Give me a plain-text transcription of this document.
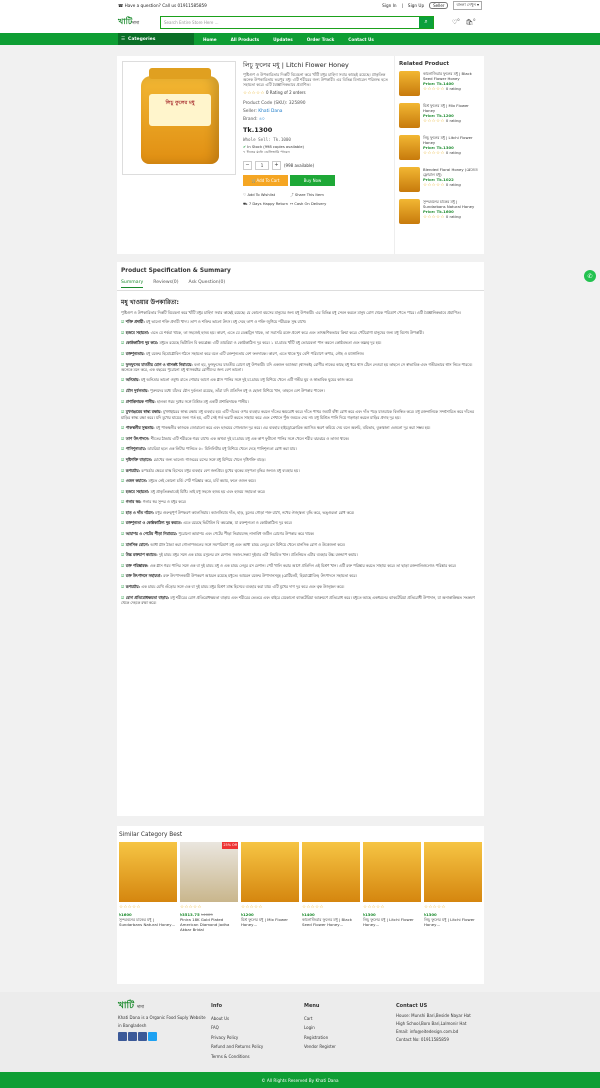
☎ Have a question? Call us 01911585859	Sign In | Sign Up	Seller	বাংলা দেখুন ▾
খাটিদানা	Search Entire Store Here ...	⌕	♡$^0$ 🛍$^0$
☰ Categories	Home	All Products	Updates	Order Track	Contact Us
লিচু ফুলের মধু
লিচু ফুলের মধু | Litchi Flower Honey
পুষ্টিগুণ ও উপকারিতার দিকটি বিবেচনা করে খাঁটি মধুর চাহিদা সবার কাছেই রয়েছে। প্রাকৃতিক অনেক উপকারিতায় ভরপুর মধু। এটি শরীরের জন্য উপকারী। এর বিভিন্ন মিনারেল পরিশুদ্ধ হতে সহায়তা করে। এটি বৈজ্ঞানিকভাবে প্রমাণিত।
☆☆☆☆☆ 0 Rating of 2 orders
Product Code (SKU): 325890
Seller: Khati Dana
Brand: ৪০
Tk.1300
Whole Sell: Tk.1000
✔ In Stock (998 copies available)
৭ দিনের মধ্যে ডেলিভারি পাবেন
−	1	+	(998 available)
🛒 Add To Cart	Buy Now
♡ Add To Wishlist	⤴ Share This Item
⛟ 7 Days Happy Return ↔ Cash On Delivery
Related Product
কালোজিরার ফুলের মধু | Black Seed Flower Honey
Price: Tk.1400
☆☆☆☆☆ 0 rating
মিশ্র ফুলের মধু | Mix Flower Honey
Price: Tk.1200
☆☆☆☆☆ 0 rating
লিচু ফুলের মধু | Litchi Flower Honey
Price: Tk.1300
☆☆☆☆☆ 0 rating
Blended Floral Honey (ব্লেন্ডেড ফ্লোরাল মধু)
Price: Tk.1022
☆☆☆☆☆ 0 rating
সুন্দরবনের চাকের মধু | Sundarbans Natural Honey
Price: Tk.1600
☆☆☆☆☆ 0 rating
✆
Product Specification & Summary
Summary Reviews(0) Ask Question(0)
মধু খাওয়ার উপকারিতা:
পুষ্টিগুণ ও উপকারিতার দিকটি বিবেচনা করে খাঁটি মধুর চাহিদা সবার কাছেই রয়েছে। যে কোনো বয়সের মানুষের জন্য মধু উপকারী। এর বিভিন্ন মধু সেবন করলে মানুষ রোগ থেকে পরিত্রাণ পেতে পারে। এটি বৈজ্ঞানিকভাবে প্রমাণিত।
☑ শক্তি প্রদায়ী: মধু ভালো শক্তি প্রদায়ী খাদ্য। তাপ ও শক্তির ভালো উৎস। মধু দেহে তাপ ও শক্তি জুগিয়ে শরীরকে সুস্থ রাখে।
☑ হজমে সহায়তা: এতে যে শর্করা থাকে, তা সহজেই হজম হয়। কারণ, এতে যে ডেক্সট্রিন থাকে, তা সরাসরি রক্তে প্রবেশ করে এবং তাৎক্ষণিকভাবে ক্রিয়া করে। পেটরোগা মানুষের জন্য মধু বিশেষ উপকারী।
☑ কোষ্ঠকাঠিন্য দূর করে: মধুতে রয়েছে ভিটামিন বি কমপ্লেক্স। এটি ডায়রিয়া ও কোষ্ঠকাঠিন্য দূর করে। ১ চা-চামচ খাঁটি মধু ভোরবেলা পান করলে কোষ্ঠবদ্ধতা এবং অম্লত্ব দূর হয়।
☑ রক্তশূন্যতায়: মধু রক্তের হিমোগ্লোবিন গঠনে সহায়তা করে বলে এটি রক্তশূন্যতায় বেশ ফলদায়ক। কারণ, এতে থাকে খুব বেশি পরিমাণে কপার, লৌহ ও ম্যাঙ্গানিজ।
☑ ফুসফুসের যাবতীয় রোগ ও শ্বাসকষ্ট নিরাময়ে: বলা হয়, ফুসফুসের যাবতীয় রোগে মধু উপকারী। যদি একজন অ্যাজমা (শ্বাসকষ্ট) রোগীর নাকের কাছে মধু ধরে শ্বাস টেনে নেওয়া হয় তাহলে সে স্বাভাবিক এবং গভীরভাবে শ্বাস নিতে পারবে। অনেকে মনে করে, এক বছরের পুরোনো মধু শ্বাসকষ্টের রোগীদের জন্য বেশ ভালো।
☑ অনিদ্রায়: মধু অনিদ্রার ভালো ওষুধ। রাতে শোয়ার আগে এক গ্লাস পানির সঙ্গে দুই চা-চামচ মধু মিশিয়ে খেলে এটি গভীর ঘুম ও স্বাভাবিক ঘুমের কাজ করে।
☑ যৌন দুর্বলতায়: পুরুষদের মধ্যে যাঁদের যৌন দুর্বলতা রয়েছে, তাঁরা যদি প্রতিদিন মধু ও ছোলা মিশিয়ে খান, তাহলে বেশ উপকার পাবেন।
☑ প্রশান্তিদায়ক পানীয়: হালকা গরম দুধের সঙ্গে মিশ্রিত মধু একটি প্রশান্তিদায়ক পানীয়।
☑ মুখগহ্বরের স্বাস্থ্য রক্ষায়: মুখগহ্বরের স্বাস্থ্য রক্ষায় মধু ব্যবহার হয়। এটি দাঁতের ওপর ব্যবহার করলে দাঁতের ক্ষয়রোধ করে। দাঁতে পাথর জমাট বাঁধা রোধ করে এবং দাঁত পড়ে যাওয়াকে বিলম্বিত করে। মধু রক্তনালিকে সম্প্রসারিত করে দাঁতের মাড়ির স্বাস্থ্য রক্ষা করে। যদি মুখের ঘায়ের জন্য গর্ত হয়, এটি সেই গর্ত ভরাট করতে সাহায্য করে এবং সেখানে পুঁজ জমতে দেয় না। মধু মিশ্রিত পানি দিয়ে গড়গড়া করলে মাড়ির প্রদাহ দূর হয়।
☑ পাকস্থলীর সুস্থতায়: মধু পাকস্থলীর কাজকে জোরালো করে এবং হজমের গোলমাল দূর করে। এর ব্যবহার হাইড্রোক্লোরিক অ্যাসিড ক্ষরণ কমিয়ে দেয় বলে অরুচি, বমিভাব, বুকজ্বালা এগুলো দূর করা সম্ভব হয়।
☑ তাপ উৎপাদনে: শীতের ঠান্ডায় এটি শরীরকে গরম রাখে। এক অথবা দুই চা-চামচ মধু এক কাপ ফুটানো পানির সঙ্গে খেলে শরীর ঝরঝরে ও তাজা থাকে।
☑ পানিশূন্যতায়: ডায়রিয়া হলে এক লিটার পানিতে ৫০ মিলিলিটার মধু মিশিয়ে খেলে দেহে পানিশূন্যতা রোধ করা যায়।
☑ দৃষ্টিশক্তি বাড়াতে: চোখের জন্য ভালো। গাজরের রসের সঙ্গে মধু মিশিয়ে খেলে দৃষ্টিশক্তি বাড়ে।
☑ রূপচর্চায়: রূপচর্চার ক্ষেত্রে মাস্ক হিসেবে মধুর ব্যবহার বেশ জনপ্রিয়। মুখের ত্বকের মসৃণতা বৃদ্ধির জন্যও মধু ব্যবহার হয়।
☑ ওজন কমাতে: মধুতে নেই কোনো চর্বি। পেট পরিষ্কার করে, চর্বি কমায়, ফলে ওজন কমে।
☑ হজমে সহায়তা: মধু প্রাকৃতিকভাবেই মিষ্টি। তাই মধু সহজে হজম হয় এবং হজমে সহায়তা করে।
☑ গলার স্বর: গলার স্বর সুন্দর ও মধুর করে।
☑ হাড় ও দাঁত গঠনে: মধুর গুরুত্বপূর্ণ উপকরণ ক্যালসিয়াম। ক্যালসিয়াম দাঁত, হাড়, চুলের গোড়া শক্ত রাখে, নখের ঔজ্জ্বল্য বৃদ্ধি করে, ভঙ্গুরতা রোধ করে।
☑ রক্তশূন্যতা ও কোষ্ঠকাঠিন্য দূর করতে: এতে রয়েছে ভিটামিন বি কমপ্লেক্স, যা রক্তশূন্যতা ও কোষ্ঠকাঠিন্য দূর করে।
☑ আমাশয় ও পেটের পীড়া নিরাময়ে: পুরোনো আমাশয় এবং পেটের পীড়া নিরাময়সহ নানাবিধ জটিল রোগের উপকার করে থাকে।
☑ মানসিক রোগে: আধা গ্লাস ঠান্ডা করা গোলাপজলের সঙ্গে সমপরিমাণ মধু এবং আধা চামচ লেবুর রস মিশিয়ে খেলে মানসিক রোগ ও উত্তেজনা কমে।
☑ উচ্চ রক্তচাপ কমাতে: দুই চামচ মধুর সঙ্গে এক চামচ রসুনের রস মেশান। সকাল-সন্ধ্যা দুইবার এটা নিয়মিত খান। প্রতিনিয়ত এটার ব্যবহার উচ্চ রক্তচাপ কমায়।
☑ রক্ত পরিষ্কারক: এক গ্লাস গরম পানির সঙ্গে এক বা দুই চামচ মধু ও এক চামচ লেবুর রস মেশান। পেট খালি করার আগে প্রতিদিন এই মিশ্রণ খান। এটি রক্ত পরিষ্কার করতে সাহায্য করে। তা ছাড়া রক্তনালিগুলোও পরিষ্কার করে।
☑ রক্ত উৎপাদনে সহায়তা: রক্ত উৎপাদনকারী উপকরণ আয়রন রয়েছে মধুতে। আয়রন রক্তের উপাদানসমূহ (প্লেটিলেট, হিমোগ্লোবিন) উৎপাদনে সহায়তা করে।
☑ রূপচর্চায়: এক চামচ মেথি গুঁড়োর সঙ্গে এক বা দুই চামচ মধুর মিশ্রণ মাস্ক হিসেবে ব্যবহার করা যায়। এটি মুখের দাগ দূর করে এবং ত্বক উজ্জ্বল করে।
☑ রোগ প্রতিরোধক্ষমতা বাড়ায়: মধু শরীরের রোগ প্রতিরোধক্ষমতা বাড়ায় এবং শরীরের ভেতরে এবং বাইরে যেকোনো ব্যাকটেরিয়া আক্রমণে প্রতিরোধ করে। মধুতে আছে একধরনের ব্যাকটেরিয়া প্রতিরোধী উপাদান, যা অনাকাঙ্ক্ষিত সংক্রমণ থেকে দেহকে রক্ষা করে।
Similar Category Best
☆☆☆☆☆
৳1600
সুন্দরবনের চাকের মধু | Sundarbans Natural Honey…
25% Off
☆☆☆☆☆
৳3513.75 ৳4685
Pinira 18K Gold Plated American Diamond Jodha Akbar Bridal
☆☆☆☆☆
৳1200
মিশ্র ফুলের মধু | Mix Flower Honey…
☆☆☆☆☆
৳1400
কালোজিরার ফুলের মধু | Black Seed Flower Honey…
☆☆☆☆☆
৳1300
লিচু ফুলের মধু | Litchi Flower Honey…
☆☆☆☆☆
৳1300
লিচু ফুলের মধু | Litchi Flower Honey…
খাটি দানা
Khati Dana is a Organic Food Suply Website in Bangladesh
Info
About Us
FAQ
Privacy Policy
Refund and Returns Policy
Terms & Conditions
Menu
Cart
Login
Registration
Vendor Register
Contact US
House: Munshi Bari,Beside Nayar Hat
High School,Boro Bari,Lalmonir Hat
Email: info@eitedesign.com.bd
Contact No: 01911585859
© All Rights Reserved By Khati Dana
